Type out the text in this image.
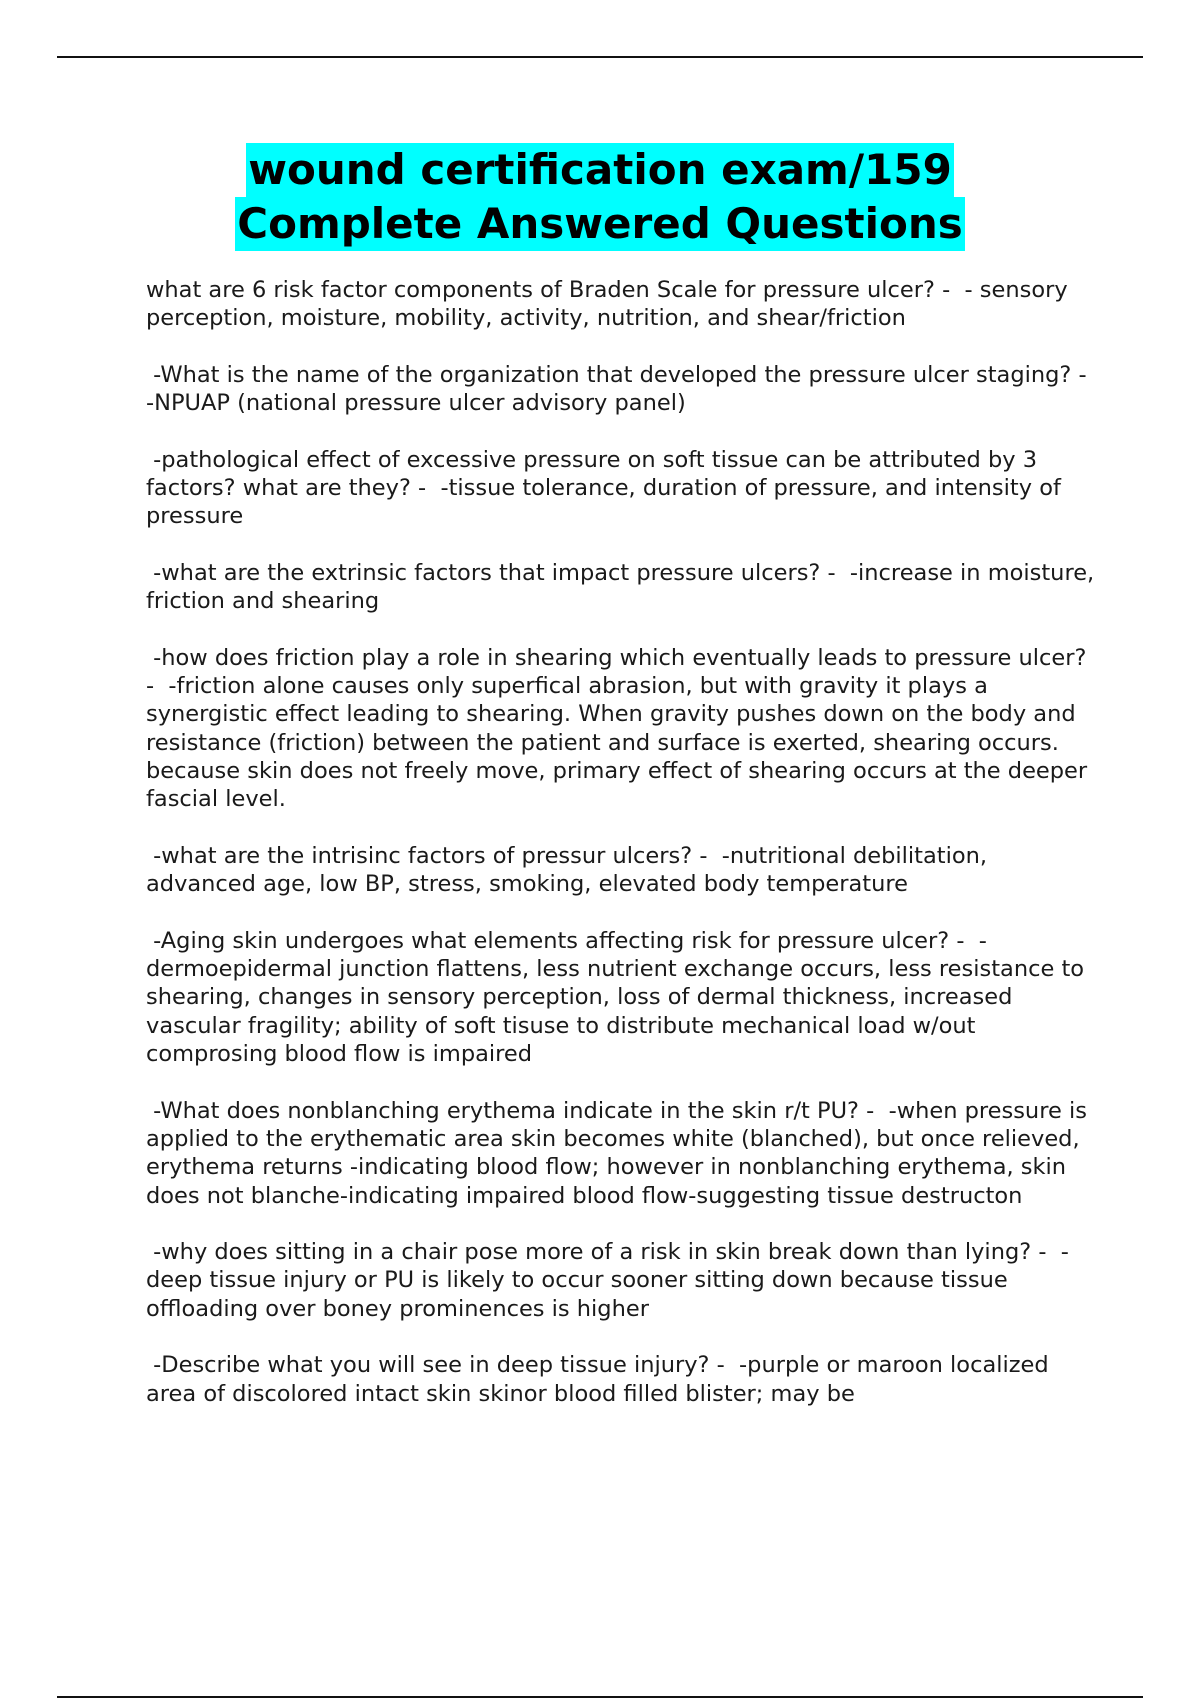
wound certification exam/159
Complete Answered Questions

what are 6 risk factor components of Braden Scale for pressure ulcer? -  - sensory perception, moisture, mobility, activity, nutrition, and shear/friction

-What is the name of the organization that developed the pressure ulcer staging? -  -NPUAP (national pressure ulcer advisory panel)

-pathological effect of excessive pressure on soft tissue can be attributed by 3 factors? what are they? -  -tissue tolerance, duration of pressure, and intensity of pressure

-what are the extrinsic factors that impact pressure ulcers? -  -increase in moisture, friction and shearing

-how does friction play a role in shearing which eventually leads to pressure ulcer? -  -friction alone causes only superfical abrasion, but with gravity it plays a synergistic effect leading to shearing. When gravity pushes down on the body and resistance (friction) between the patient and surface is exerted, shearing occurs. because skin does not freely move, primary effect of shearing occurs at the deeper fascial level.

-what are the intrisinc factors of pressur ulcers? -  -nutritional debilitation, advanced age, low BP, stress, smoking, elevated body temperature

-Aging skin undergoes what elements affecting risk for pressure ulcer? -  - dermoepidermal junction flattens, less nutrient exchange occurs, less resistance to shearing, changes in sensory perception, loss of dermal thickness, increased vascular fragility; ability of soft tisuse to distribute mechanical load w/out comprosing blood flow is impaired

-What does nonblanching erythema indicate in the skin r/t PU? -  -when pressure is applied to the erythematic area skin becomes white (blanched), but once relieved, erythema returns -indicating blood flow; however in nonblanching erythema, skin does not blanche-indicating impaired blood flow-suggesting tissue destructon

-why does sitting in a chair pose more of a risk in skin break down than lying? -  -deep tissue injury or PU is likely to occur sooner sitting down because tissue offloading over boney prominences is higher

-Describe what you will see in deep tissue injury? -  -purple or maroon localized area of discolored intact skin skinor blood filled blister; may be
